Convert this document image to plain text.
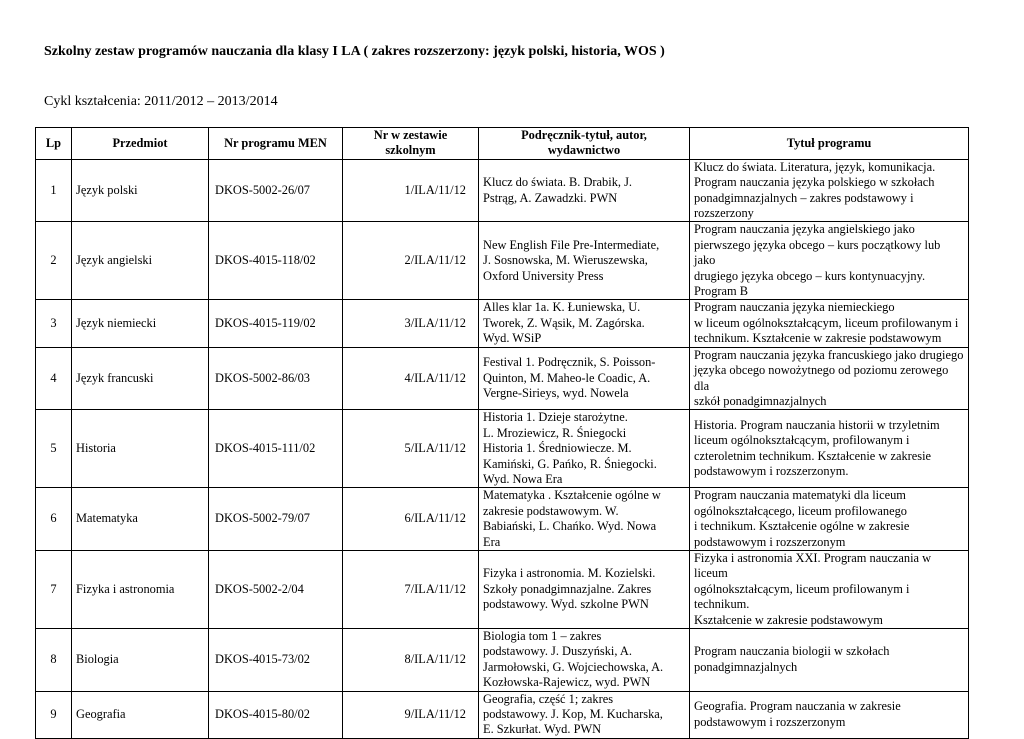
Szkolny zestaw programów nauczania dla klasy I LA ( zakres rozszerzony: język polski, historia, WOS )
Cykl kształcenia: 2011/2012 – 2013/2014
Lp	Przedmiot	Nr programu MEN	Nr w zestawie
szkolnym	Podręcznik-tytuł, autor,
wydawnictwo	Tytuł programu
1	Język polski	DKOS-5002-26/07	1/ILA/11/12	Klucz do świata. B. Drabik, J.
Pstrąg, A. Zawadzki. PWN	Klucz do świata. Literatura, język, komunikacja.
Program nauczania języka polskiego w szkołach
ponadgimnazjalnych – zakres podstawowy i
rozszerzony
2	Język angielski	DKOS-4015-118/02	2/ILA/11/12	New English File Pre-Intermediate,
J. Sosnowska, M. Wieruszewska,
Oxford University Press	Program nauczania języka angielskiego jako
pierwszego języka obcego – kurs początkowy lub jako
drugiego języka obcego – kurs kontynuacyjny.
Program B
3	Język niemiecki	DKOS-4015-119/02	3/ILA/11/12	Alles klar 1a. K. Łuniewska, U.
Tworek, Z. Wąsik, M. Zagórska.
Wyd. WSiP	Program nauczania języka niemieckiego
w liceum ogólnokształcącym, liceum profilowanym i
technikum. Kształcenie w zakresie podstawowym
4	Język francuski	DKOS-5002-86/03	4/ILA/11/12	Festival 1. Podręcznik, S. Poisson-
Quinton, M. Maheo-le Coadic, A.
Vergne-Sirieys, wyd. Nowela	Program nauczania języka francuskiego jako drugiego
języka obcego nowożytnego od poziomu zerowego dla
szkół ponadgimnazjalnych
5	Historia	DKOS-4015-111/02	5/ILA/11/12	Historia 1. Dzieje starożytne.
L. Mroziewicz, R. Śniegocki
Historia 1. Średniowiecze. M.
Kamiński, G. Pańko, R. Śniegocki.
Wyd. Nowa Era	Historia. Program nauczania historii w trzyletnim
liceum ogólnokształcącym, profilowanym i
czteroletnim technikum. Kształcenie w zakresie
podstawowym i rozszerzonym.
6	Matematyka	DKOS-5002-79/07	6/ILA/11/12	Matematyka . Kształcenie ogólne w
zakresie podstawowym. W.
Babiański, L. Chańko. Wyd. Nowa
Era	Program nauczania matematyki dla liceum
ogólnokształcącego, liceum profilowanego
i technikum. Kształcenie ogólne w zakresie
podstawowym i rozszerzonym
7	Fizyka i astronomia	DKOS-5002-2/04	7/ILA/11/12	Fizyka i astronomia. M. Kozielski.
Szkoły ponadgimnazjalne. Zakres
podstawowy. Wyd. szkolne PWN	Fizyka i astronomia XXI. Program nauczania w liceum
ogólnokształcącym, liceum profilowanym i technikum.
Kształcenie w zakresie podstawowym
8	Biologia	DKOS-4015-73/02	8/ILA/11/12	Biologia tom 1 – zakres
podstawowy. J. Duszyński, A.
Jarmołowski, G. Wojciechowska, A.
Kozłowska-Rajewicz, wyd. PWN	Program nauczania biologii w szkołach
ponadgimnazjalnych
9	Geografia	DKOS-4015-80/02	9/ILA/11/12	Geografia, część 1; zakres
podstawowy. J. Kop, M. Kucharska,
E. Szkurłat. Wyd. PWN	Geografia. Program nauczania w zakresie
podstawowym i rozszerzonym
